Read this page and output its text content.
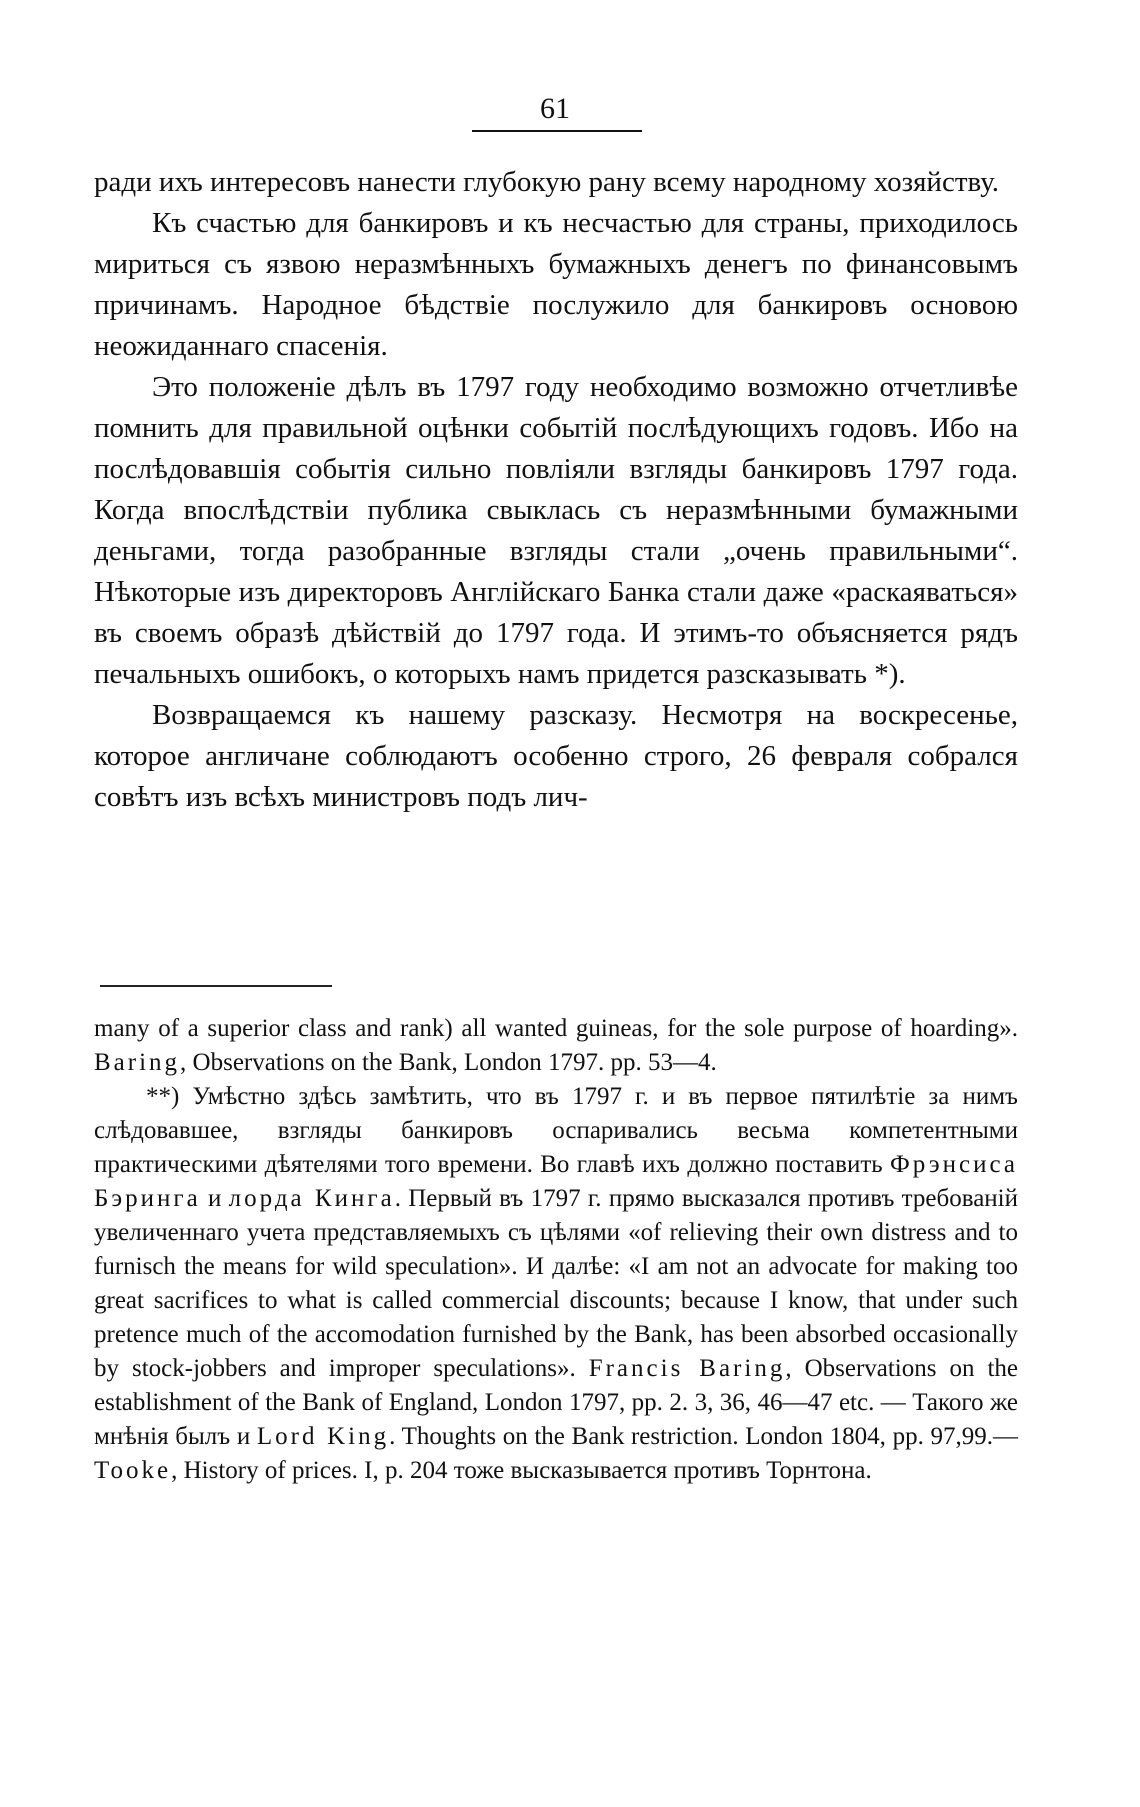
61

ради ихъ интересовъ нанести глубокую рану всему народному хозяйству.

Къ счастью для банкировъ и къ несчастью для страны, приходилось мириться съ язвою неразмѣнныхъ бумажныхъ денегъ по финансовымъ причинамъ. Народное бѣдствіе послужило для банкировъ основою неожиданнаго спасенія.

Это положеніе дѣлъ въ 1797 году необходимо возможно отчетливѣе помнить для правильной оцѣнки событій послѣдующихъ годовъ. Ибо на послѣдовавшія событія сильно повліяли взгляды банкировъ 1797 года. Когда впослѣдствіи публика свыклась съ неразмѣнными бумажными деньгами, тогда разобранные взгляды стали „очень правильными“. Нѣкоторые изъ директоровъ Англійскаго Банка стали даже «раскаяваться» въ своемъ образѣ дѣйствій до 1797 года. И этимъ-то объясняется рядъ печальныхъ ошибокъ, о которыхъ намъ придется разсказывать *).

Возвращаемся къ нашему разсказу. Несмотря на воскресенье, которое англичане соблюдаютъ особенно строго, 26 февраля собрался совѣтъ изъ всѣхъ министровъ подъ лич-

many of a superior class and rank) all wanted guineas, for the sole purpose of hoarding». Baring, Observations on the Bank, London 1797. pp. 53—4.

**) Умѣстно здѣсь замѣтить, что въ 1797 г. и въ первое пятилѣтіе за нимъ слѣдовавшее, взгляды банкировъ оспаривались весьма компетентными практическими дѣятелями того времени. Во главѣ ихъ должно поставить Фрэнсиса Бэринга и лорда Кинга. Первый въ 1797 г. прямо высказался противъ требованій увеличеннаго учета представляемыхъ съ цѣлями «of relieving their own distress and to furnisch the means for wild speculation». И далѣе: «I am not an advocate for making too great sacrifices to what is called commercial discounts; because I know, that under such pretence much of the accomodation furnished by the Bank, has been absorbed occasionally by stock-jobbers and improper speculations». Francis Baring, Observations on the establishment of the Bank of England, London 1797, pp. 2. 3, 36, 46—47 etc. — Такого же мнѣнія былъ и Lord King. Thoughts on the Bank restriction. London 1804, pp. 97,99.— Tooke, History of prices. I, p. 204 тоже высказывается противъ Торнтона.
